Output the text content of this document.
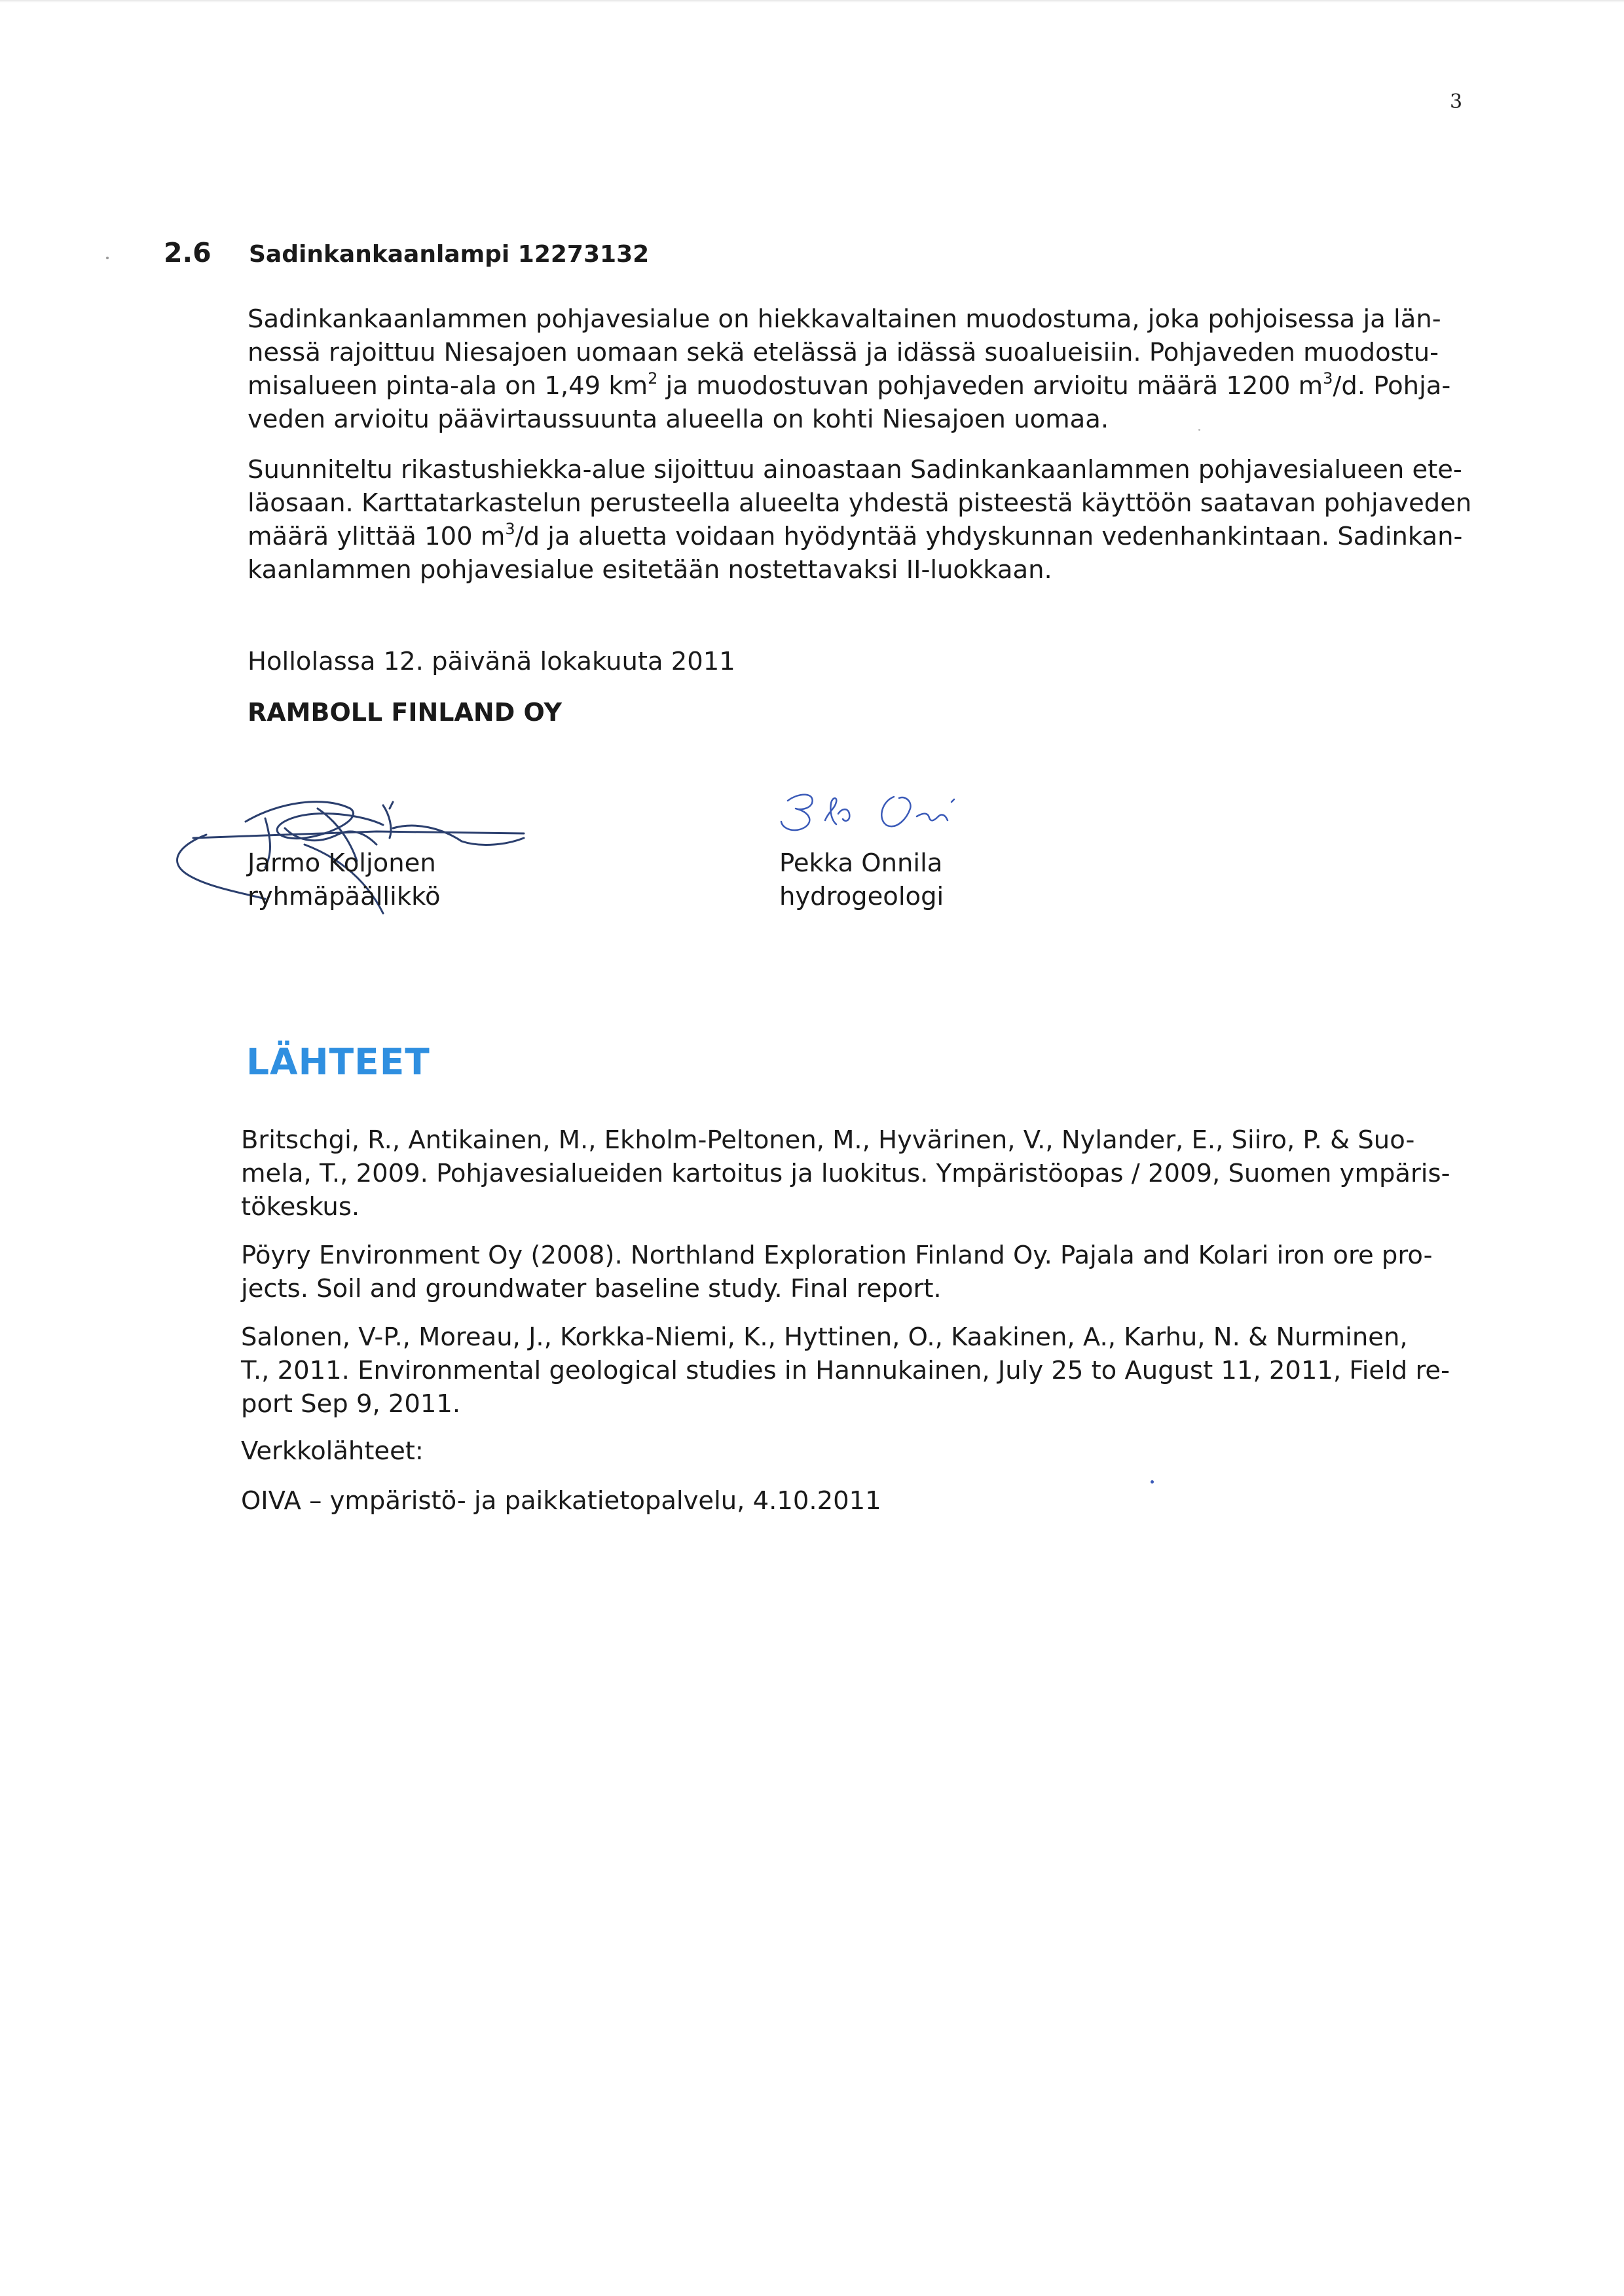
3
2.6 Sadinkankaanlampi 12273132
Sadinkankaanlammen pohjavesialue on hiekkavaltainen muodostuma, joka pohjoisessa ja län-
nessä rajoittuu Niesajoen uomaan sekä etelässä ja idässä suoalueisiin. Pohjaveden muodostu-
misalueen pinta-ala on 1,49 $km^2$ ja muodostuvan pohjaveden arvioitu määrä 1200 $m^3/d$. Pohja-
veden arvioitu päävirtaussuunta alueella on kohti Niesajoen uomaa.
Suunniteltu rikastushiekka-alue sijoittuu ainoastaan Sadinkankaanlammen pohjavesialueen ete-
läosaan. Karttatarkastelun perusteella alueelta yhdestä pisteestä käyttöön saatavan pohjaveden
määrä ylittää 100 $m^3/d$ ja aluetta voidaan hyödyntää yhdyskunnan vedenhankintaan. Sadinkan-
kaanlammen pohjavesialue esitetään nostettavaksi II-luokkaan.
Hollolassa 12. päivänä lokakuuta 2011
RAMBOLL FINLAND OY
Jarmo Koljonen
ryhmäpäällikkö
Pekka Onnila
hydrogeologi
LÄHTEET
Britschgi, R., Antikainen, M., Ekholm-Peltonen, M., Hyvärinen, V., Nylander, E., Siiro, P. & Suo-
mela, T., 2009. Pohjavesialueiden kartoitus ja luokitus. Ympäristöopas / 2009, Suomen ympäris-
tökeskus.
Pöyry Environment Oy (2008). Northland Exploration Finland Oy. Pajala and Kolari iron ore pro-
jects. Soil and groundwater baseline study. Final report.
Salonen, V-P., Moreau, J., Korkka-Niemi, K., Hyttinen, O., Kaakinen, A., Karhu, N. & Nurminen,
T., 2011. Environmental geological studies in Hannukainen, July 25 to August 11, 2011, Field re-
port Sep 9, 2011.
Verkkolähteet:
OIVA – ympäristö- ja paikkatietopalvelu, 4.10.2011
